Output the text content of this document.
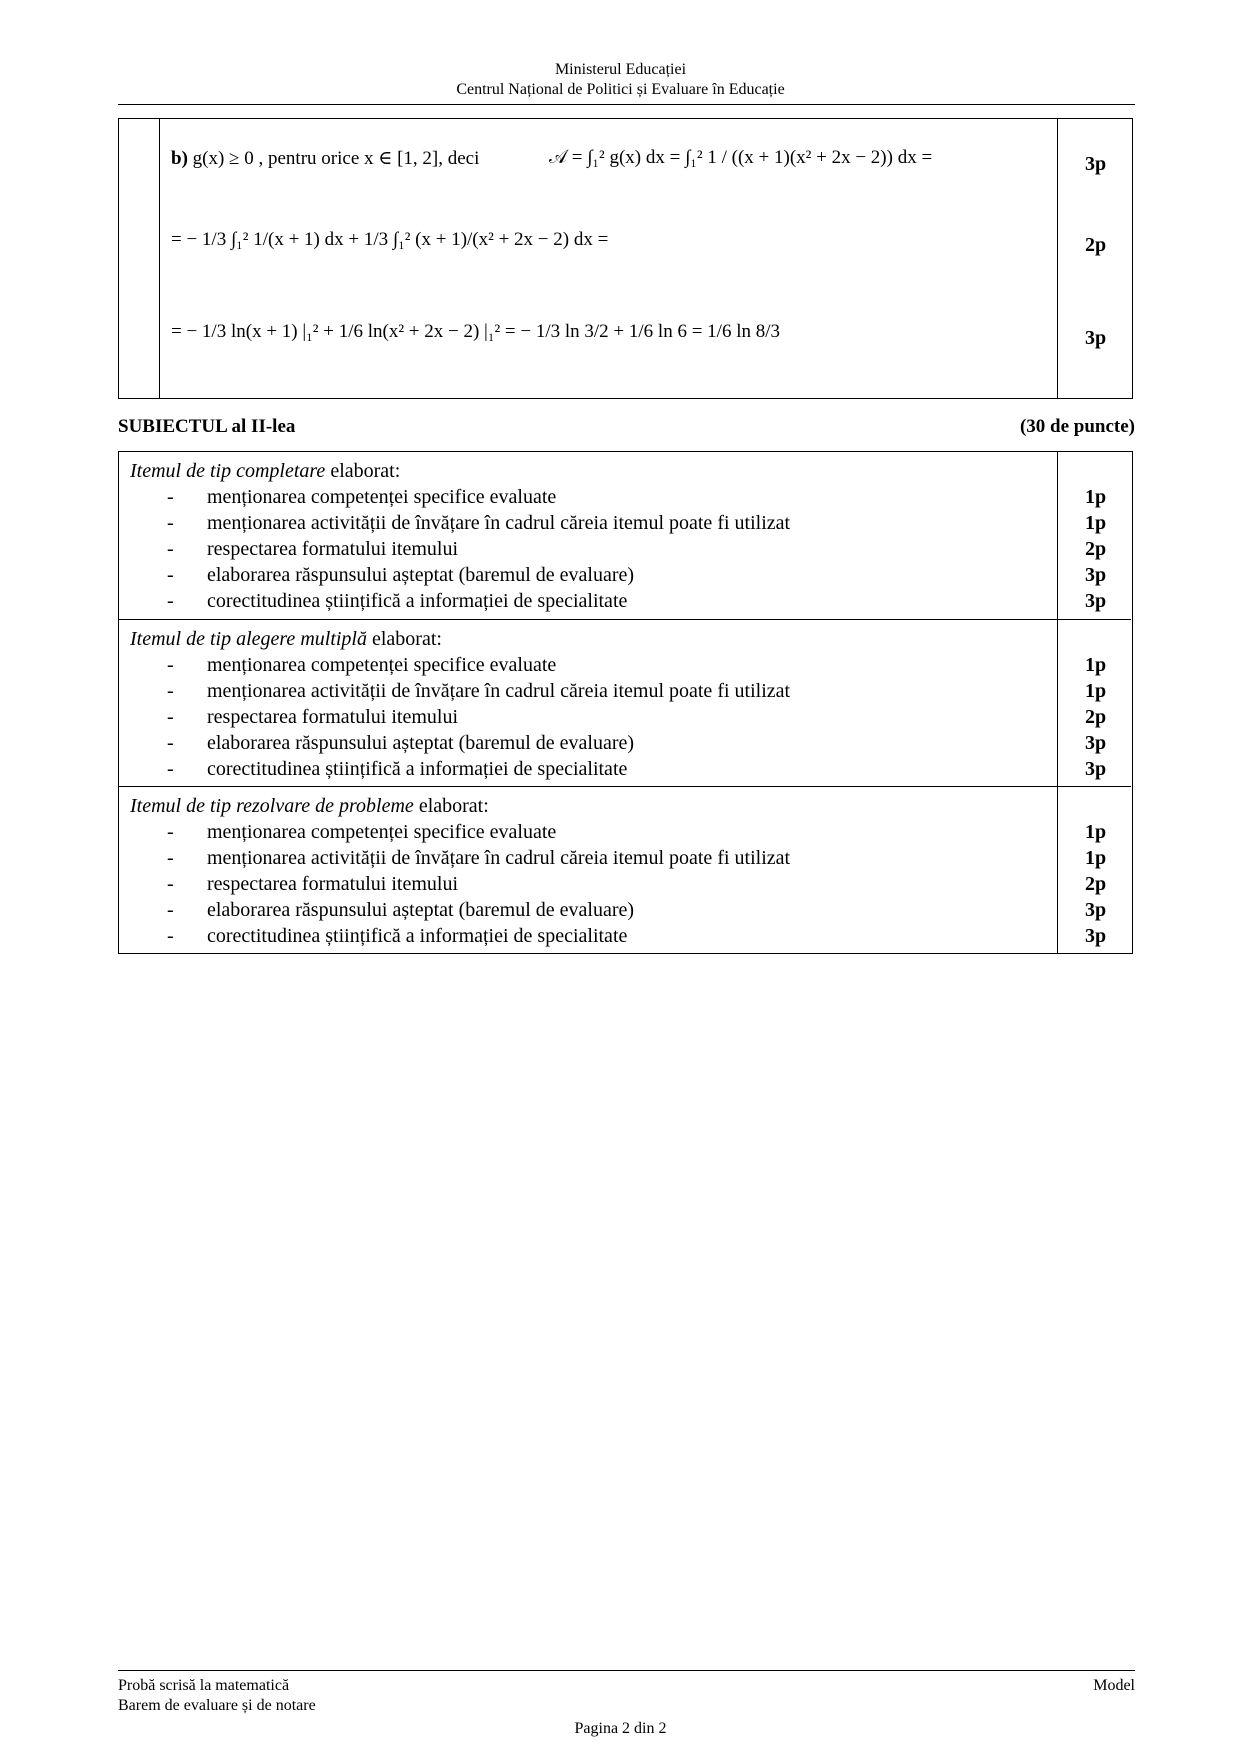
Ministerul Educației
Centrul Național de Politici și Evaluare în Educație
b) g(x) ≥ 0 , pentru orice x ∈ [1, 2], deci	𝒜 = ∫₁² g(x) dx = ∫₁² 1 / ((x + 1)(x² + 2x − 2)) dx =	3p
= − 1/3 ∫₁² 1/(x + 1) dx + 1/3 ∫₁² (x + 1)/(x² + 2x − 2) dx =	2p
= − 1/3 ln(x + 1) |₁² + 1/6 ln(x² + 2x − 2) |₁² = − 1/3 ln 3/2 + 1/6 ln 6 = 1/6 ln 8/3	3p
SUBIECTUL al II-lea	(30 de puncte)
Itemul de tip completare elaborat:
- menționarea competenței specifice evaluate	1p
- menționarea activității de învățare în cadrul căreia itemul poate fi utilizat	1p
- respectarea formatului itemului	2p
- elaborarea răspunsului așteptat (baremul de evaluare)	3p
- corectitudinea științifică a informației de specialitate	3p
Itemul de tip alegere multiplă elaborat:
- menționarea competenței specifice evaluate	1p
- menționarea activității de învățare în cadrul căreia itemul poate fi utilizat	1p
- respectarea formatului itemului	2p
- elaborarea răspunsului așteptat (baremul de evaluare)	3p
- corectitudinea științifică a informației de specialitate	3p
Itemul de tip rezolvare de probleme elaborat:
- menționarea competenței specifice evaluate	1p
- menționarea activității de învățare în cadrul căreia itemul poate fi utilizat	1p
- respectarea formatului itemului	2p
- elaborarea răspunsului așteptat (baremul de evaluare)	3p
- corectitudinea științifică a informației de specialitate	3p
Probă scrisă la matematică
Barem de evaluare și de notare
Model
Pagina 2 din 2
